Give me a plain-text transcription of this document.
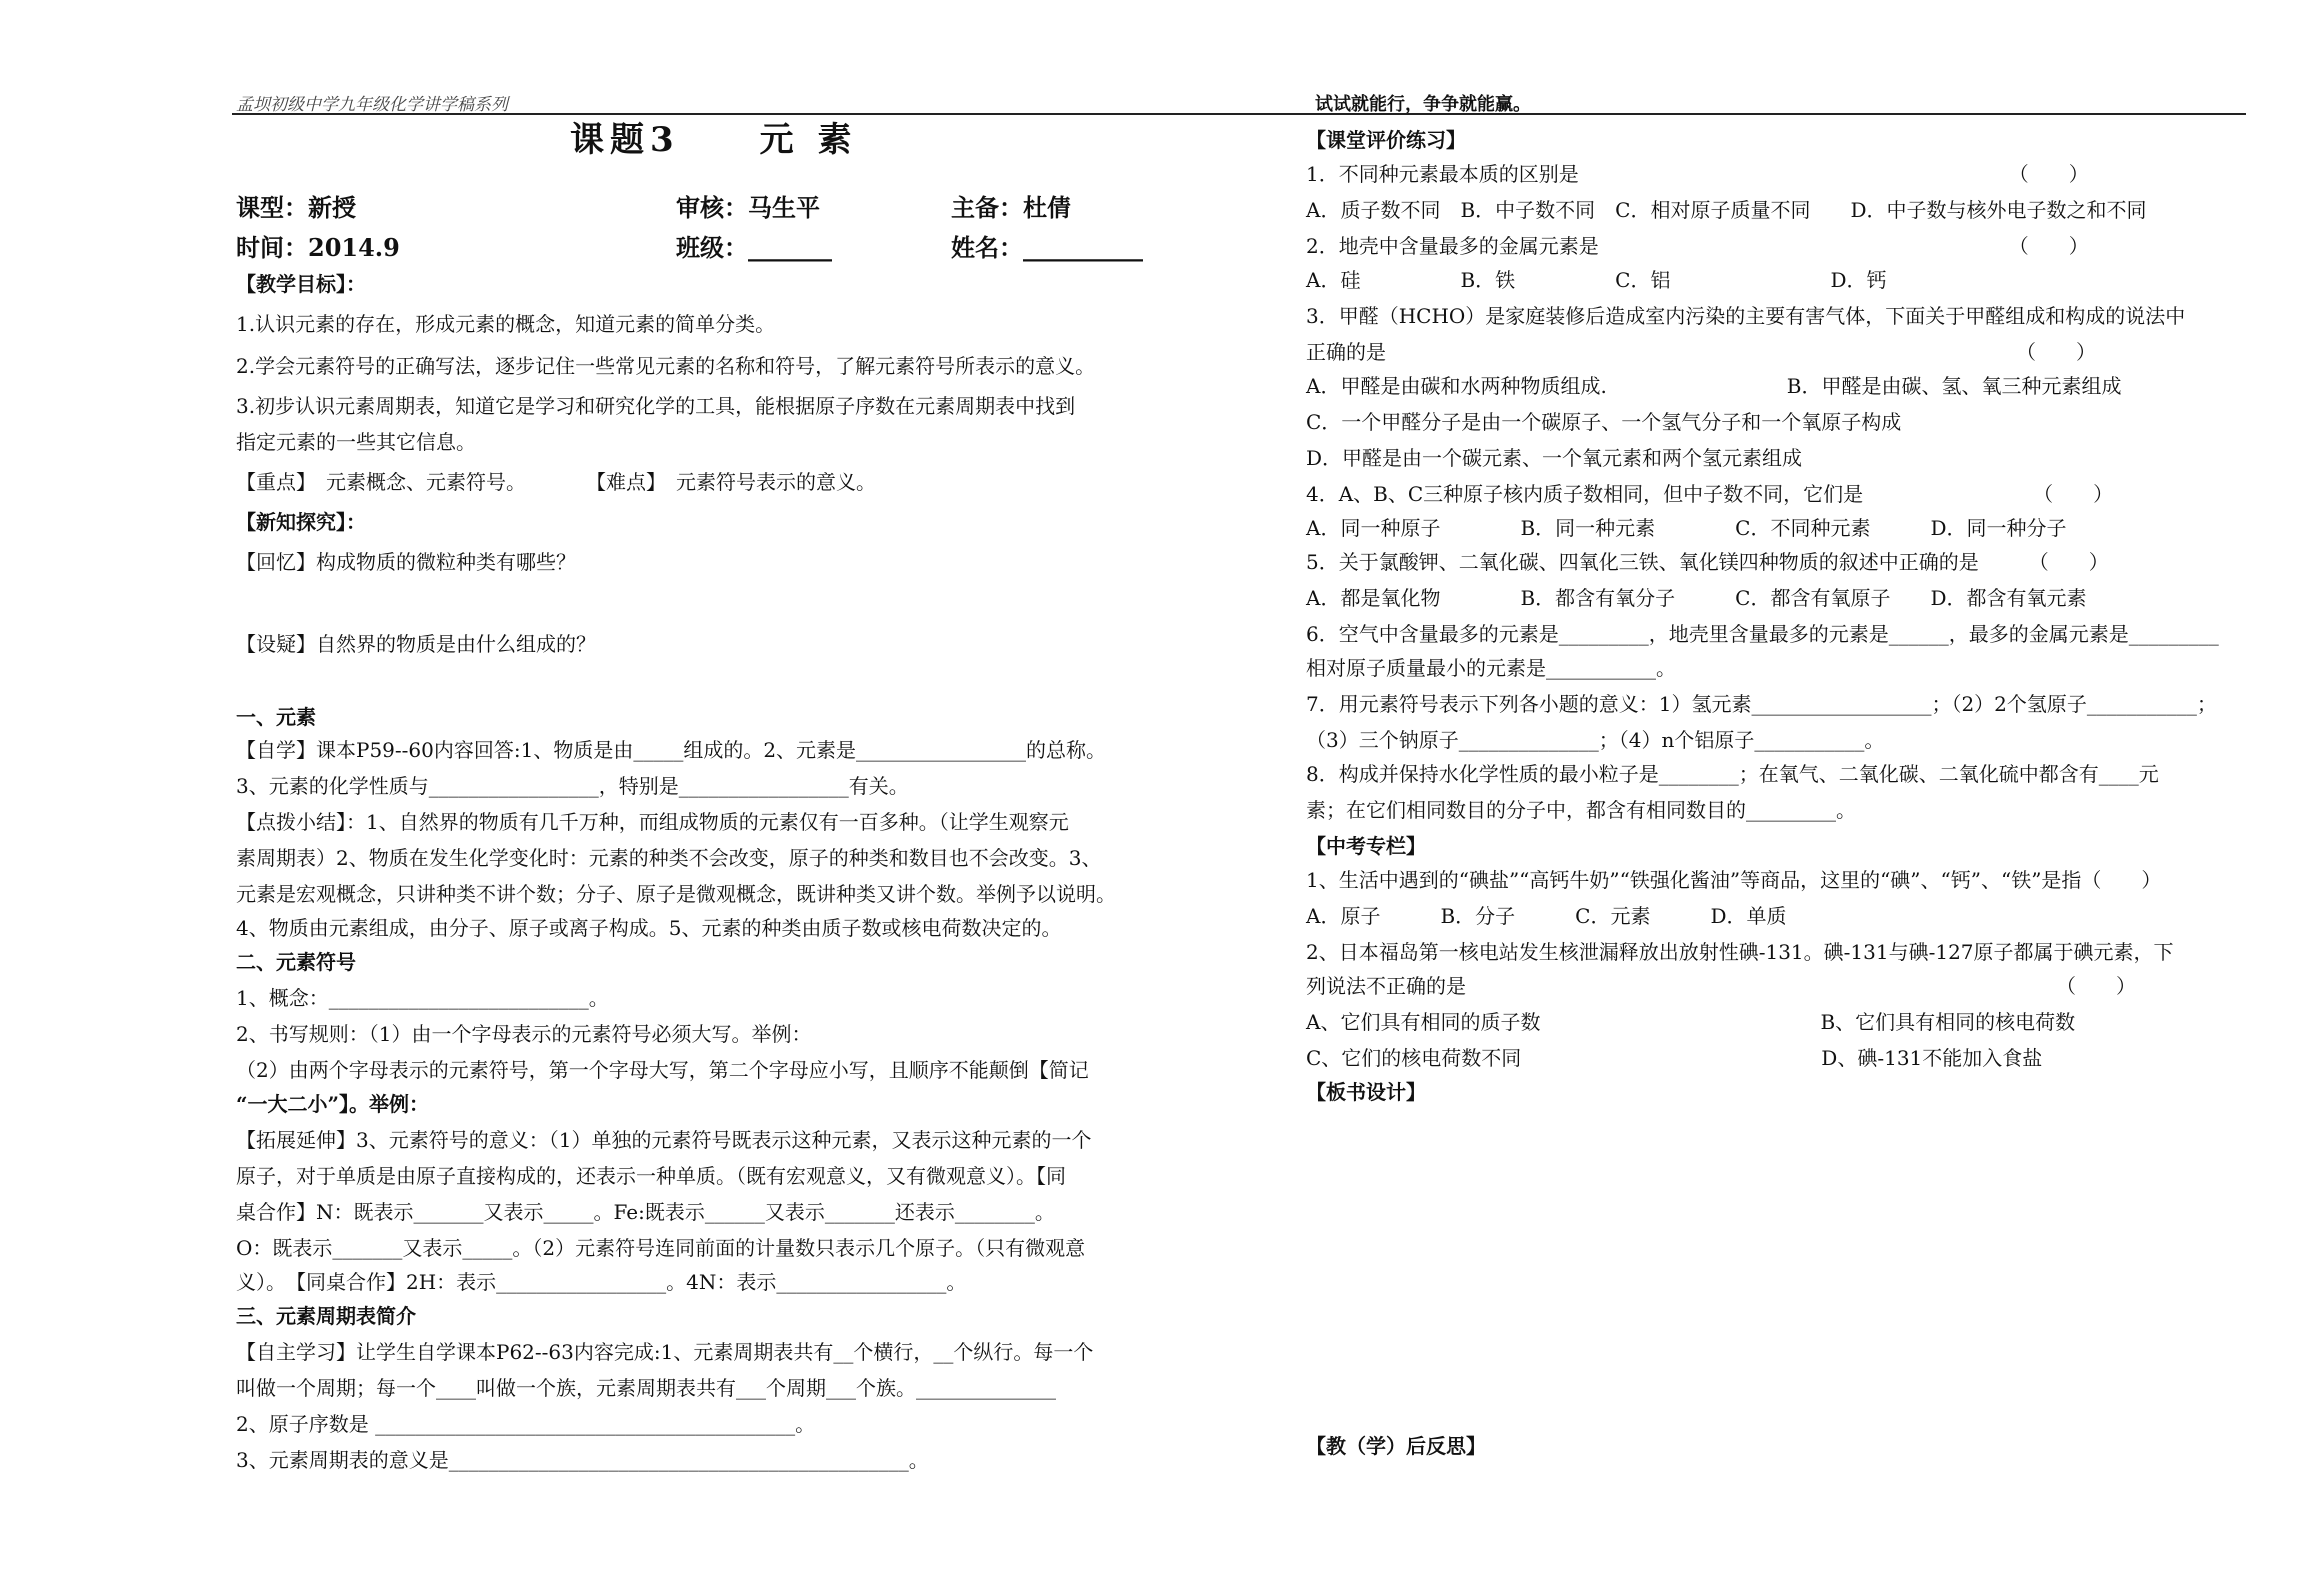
孟坝初级中学九年级化学讲学稿系列	试试就能行，争争就能赢。
课题3　　元 素
课型：新授	审核：马生平	主备：杜倩
时间：2014.9	班级：_______	姓名：__________
【教学目标】：
1.认识元素的存在，形成元素的概念，知道元素的简单分类。
2.学会元素符号的正确写法，逐步记住一些常见元素的名称和符号，了解元素符号所表示的意义。
3.初步认识元素周期表，知道它是学习和研究化学的工具，能根据原子序数在元素周期表中找到
指定元素的一些其它信息。
【重点】　元素概念、元素符号。　　　　【难点】　元素符号表示的意义。
【新知探究】：
【回忆】构成物质的微粒种类有哪些？
【设疑】自然界的物质是由什么组成的？
一、元素
【自学】课本P59--60内容回答:1、物质是由_____组成的。2、元素是_________________的总称。
3、元素的化学性质与_________________，特别是_________________有关。
【点拨小结】：1、自然界的物质有几千万种，而组成物质的元素仅有一百多种。（让学生观察元
素周期表）2、物质在发生化学变化时：元素的种类不会改变，原子的种类和数目也不会改变。3、
元素是宏观概念，只讲种类不讲个数；分子、原子是微观概念，既讲种类又讲个数。举例予以说明。
4、物质由元素组成，由分子、原子或离子构成。5、元素的种类由质子数或核电荷数决定的。
二、元素符号
1、概念：__________________________。
2、书写规则：（1）由一个字母表示的元素符号必须大写。举例：
（2）由两个字母表示的元素符号，第一个字母大写，第二个字母应小写，且顺序不能颠倒【简记
“一大二小”】。举例：
【拓展延伸】3、元素符号的意义：（1）单独的元素符号既表示这种元素，又表示这种元素的一个
原子，对于单质是由原子直接构成的，还表示一种单质。（既有宏观意义，又有微观意义）。【同
桌合作】N：既表示_______又表示_____。Fe:既表示______又表示_______还表示________。
O：既表示_______又表示_____。（2）元素符号连同前面的计量数只表示几个原子。（只有微观意
义）。　【同桌合作】2H：表示_________________。4N：表示_________________。
三、元素周期表简介
【自主学习】让学生自学课本P62--63内容完成:1、元素周期表共有__个横行，__个纵行。每一个
叫做一个周期；每一个____叫做一个族，元素周期表共有___个周期___个族。______________
2、原子序数是 __________________________________________。
3、元素周期表的意义是______________________________________________。
【课堂评价练习】
1．不同种元素最本质的区别是　　　　　　　　　　　　　　　　　　　　　　（　　）
A．质子数不同　B．中子数不同　C．相对原子质量不同　　D．中子数与核外电子数之和不同
2．地壳中含量最多的金属元素是　　　　　　　　　　　　　　　　　　　　　（　　）
A．硅　　　　　B．铁　　　　　C．铝　　　　　　　　D．钙
3．甲醛（HCHO）是家庭装修后造成室内污染的主要有害气体，下面关于甲醛组成和构成的说法中
正确的是　　　　　　　　　　　　　　　　　　　　　　　　　　　　　　　　（　　）
A．甲醛是由碳和水两种物质组成.　　　　　　　　　B．甲醛是由碳、氢、氧三种元素组成
C．一个甲醛分子是由一个碳原子、一个氢气分子和一个氧原子构成
D．甲醛是由一个碳元素、一个氧元素和两个氢元素组成
4．A、B、C三种原子核内质子数相同，但中子数不同，它们是　　　　　　　　　（　　）
A．同一种原子　　　　B．同一种元素　　　　C．不同种元素　　　D．同一种分子
5．关于氯酸钾、二氧化碳、四氧化三铁、氧化镁四种物质的叙述中正确的是　　　（　　）
A．都是氧化物　　　　B．都含有氧分子　　　C．都含有氧原子　　D．都含有氧元素
6．空气中含量最多的元素是_________，地壳里含量最多的元素是______，最多的金属元素是_________
相对原子质量最小的元素是___________。
7．用元素符号表示下列各小题的意义：1）氢元素__________________；（2）2个氢原子___________；
（3）三个钠原子______________；（4）n个铝原子___________。
8．构成并保持水化学性质的最小粒子是________；在氧气、二氧化碳、二氧化硫中都含有____元
素；在它们相同数目的分子中，都含有相同数目的_________。
【中考专栏】
1、生活中遇到的“碘盐”“高钙牛奶”“铁强化酱油”等商品，这里的“碘”、“钙”、“铁”是指（　　）
A．原子　　　B．分子　　　C．元素　　　D．单质
2、日本福岛第一核电站发生核泄漏释放出放射性碘-131。碘-131与碘-127原子都属于碘元素，下
列说法不正确的是　　　　　　　　　　　　　　　　　　　　　　　　　　　　　　（　　）
A、它们具有相同的质子数　　　　　　　　　　　　　　B、它们具有相同的核电荷数
C、它们的核电荷数不同　　　　　　　　　　　　　　　D、碘-131不能加入食盐
【板书设计】
【教（学）后反思】
